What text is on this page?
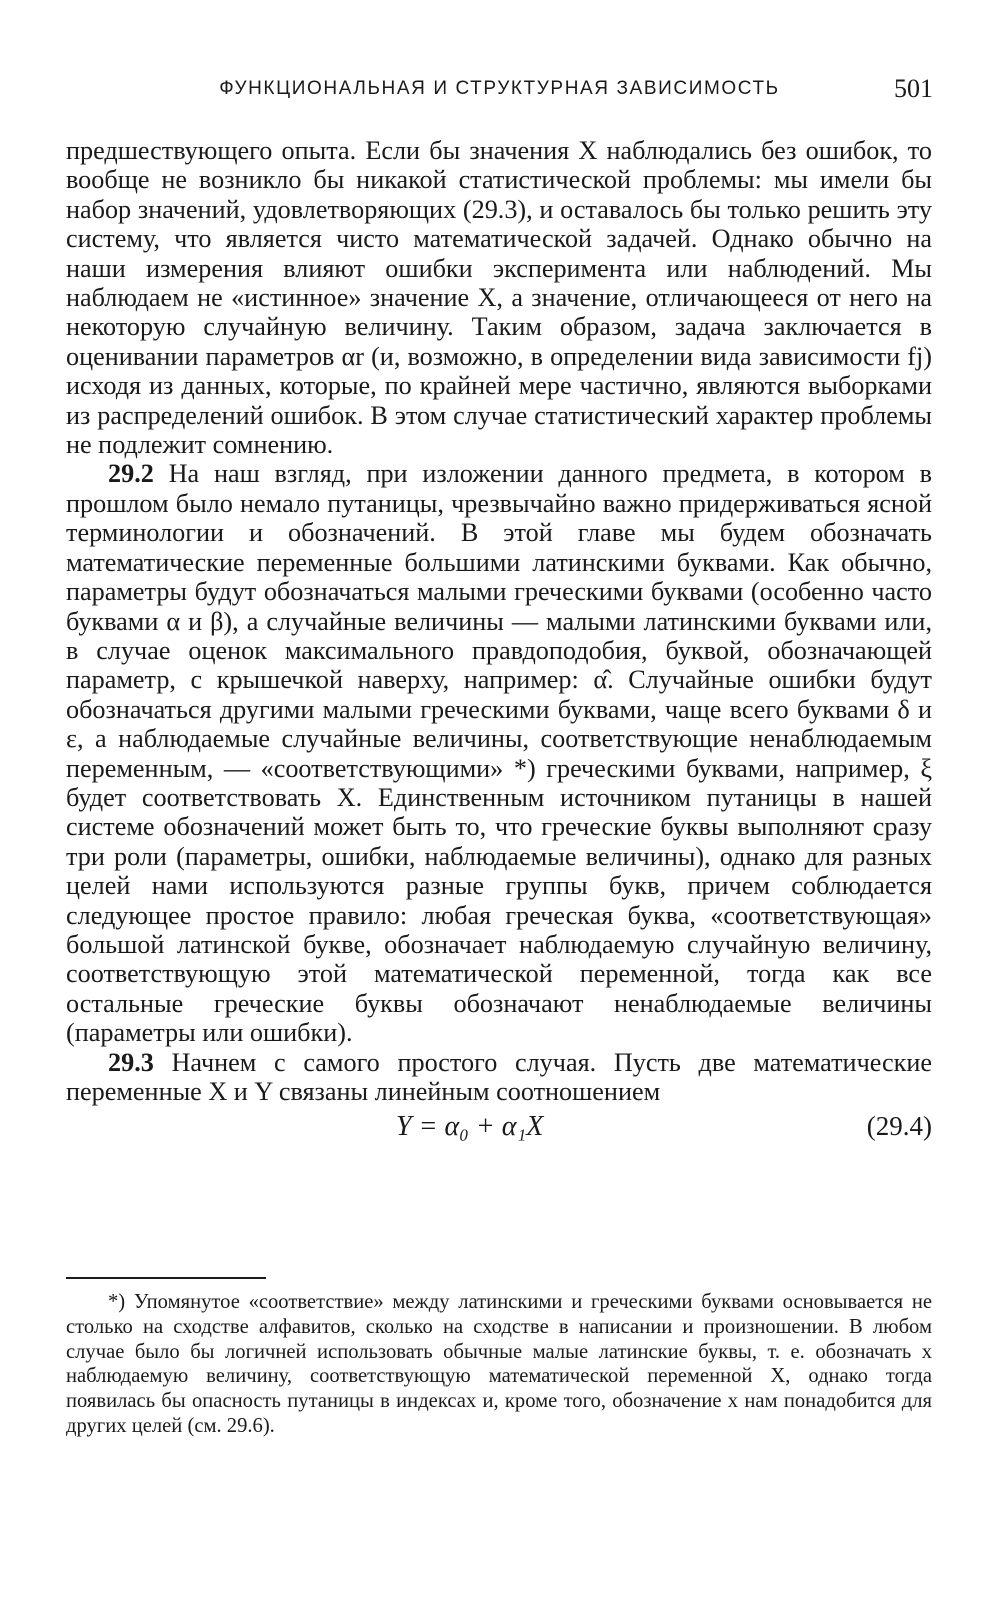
ФУНКЦИОНАЛЬНАЯ И СТРУКТУРНАЯ ЗАВИСИМОСТЬ	501

предшествующего опыта. Если бы значения X наблюдались без ошибок, то вообще не возникло бы никакой статистической проблемы: мы имели бы набор значений, удовлетворяющих (29.3), и оставалось бы только решить эту систему, что является чисто математической задачей. Однако обычно на наши измерения влияют ошибки эксперимента или наблюдений. Мы наблюдаем не «истинное» значение X, а значение, отличающееся от него на некоторую случайную величину. Таким образом, задача заключается в оценивании параметров αr (и, возможно, в определении вида зависимости fj) исходя из данных, которые, по крайней мере частично, являются выборками из распределений ошибок. В этом случае статистический характер проблемы не подлежит сомнению.

29.2 На наш взгляд, при изложении данного предмета, в котором в прошлом было немало путаницы, чрезвычайно важно придерживаться ясной терминологии и обозначений. В этой главе мы будем обозначать математические переменные большими латинскими буквами. Как обычно, параметры будут обозначаться малыми греческими буквами (особенно часто буквами α и β), а случайные величины — малыми латинскими буквами или, в случае оценок максимального правдоподобия, буквой, обозначающей параметр, с крышечкой наверху, например: α̂. Случайные ошибки будут обозначаться другими малыми греческими буквами, чаще всего буквами δ и ε, а наблюдаемые случайные величины, соответствующие ненаблюдаемым переменным, — «соответствующими» *) греческими буквами, например, ξ будет соответствовать X. Единственным источником путаницы в нашей системе обозначений может быть то, что греческие буквы выполняют сразу три роли (параметры, ошибки, наблюдаемые величины), однако для разных целей нами используются разные группы букв, причем соблюдается следующее простое правило: любая греческая буква, «соответствующая» большой латинской букве, обозначает наблюдаемую случайную величину, соответствующую этой математической переменной, тогда как все остальные греческие буквы обозначают ненаблюдаемые величины (параметры или ошибки).

29.3 Начнем с самого простого случая. Пусть две математические переменные X и Y связаны линейным соотношением

Y = α₀ + α₁X	(29.4)
*) Упомянутое «соответствие» между латинскими и греческими буквами основывается не столько на сходстве алфавитов, сколько на сходстве в написании и произношении. В любом случае было бы логичней использовать обычные малые латинские буквы, т. е. обозначать x наблюдаемую величину, соответствующую математической переменной X, однако тогда появилась бы опасность путаницы в индексах и, кроме того, обозначение x нам понадобится для других целей (см. 29.6).
